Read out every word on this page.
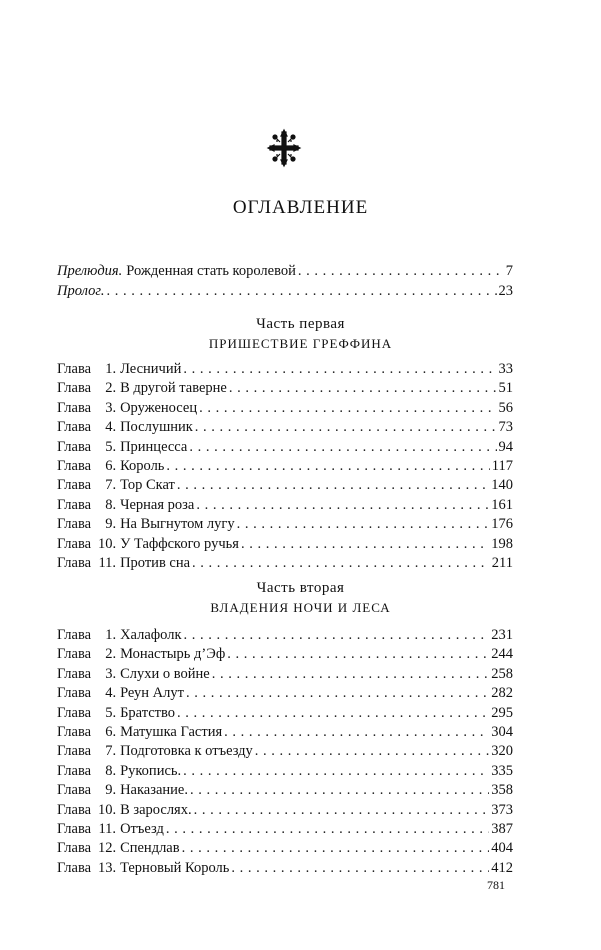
ОГЛАВЛЕНИЕ
Прелюдия. Рожденная стать королевой . . .	7
Пролог. . . .	23
Часть первая
ПРИШЕСТВИЕ ГРЕФФИНА
Глава 1. Лесничий . . .	33
Глава 2. В другой таверне . . .	51
Глава 3. Оруженосец . . .	56
Глава 4. Послушник . . .	73
Глава 5. Принцесса . . .	94
Глава 6. Король . . .	117
Глава 7. Тор Скат . . .	140
Глава 8. Черная роза . . .	161
Глава 9. На Выгнутом лугу . . .	176
Глава 10. У Таффского ручья . . .	198
Глава 11. Против сна . . .	211
Часть вторая
ВЛАДЕНИЯ НОЧИ И ЛЕСА
Глава 1. Халафолк . . .	231
Глава 2. Монастырь д’Эф . . .	244
Глава 3. Слухи о войне . . .	258
Глава 4. Реун Алут . . .	282
Глава 5. Братство . . .	295
Глава 6. Матушка Гастия . . .	304
Глава 7. Подготовка к отъезду . . .	320
Глава 8. Рукопись. . . .	335
Глава 9. Наказание. . . .	358
Глава 10. В зарослях. . . .	373
Глава 11. Отъезд . . .	387
Глава 12. Спендлав . . .	404
Глава 13. Терновый Король . . .	412
781
